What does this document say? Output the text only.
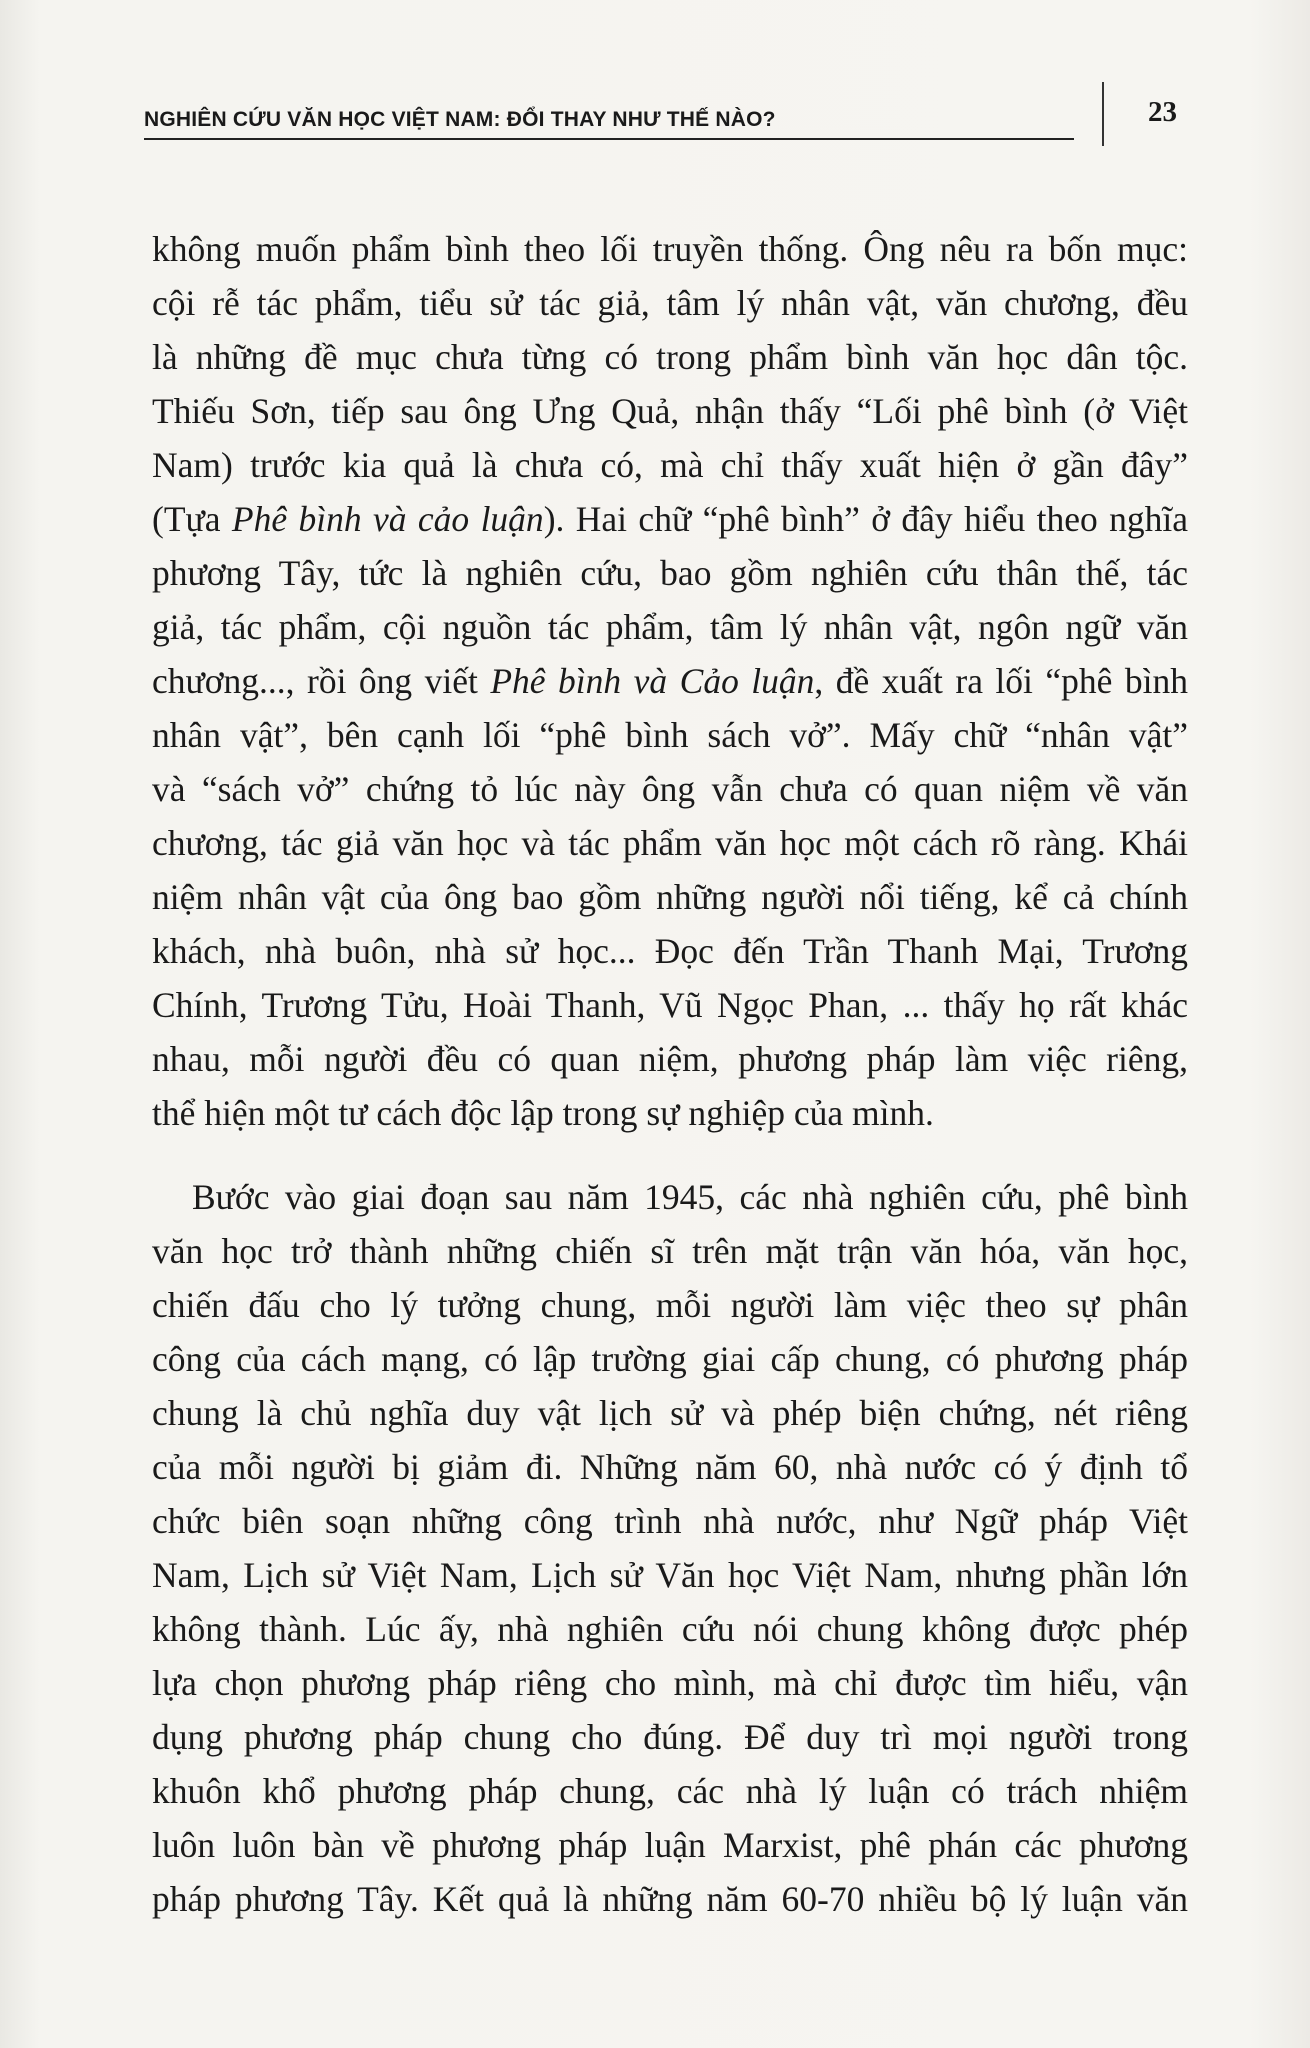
NGHIÊN CỨU VĂN HỌC VIỆT NAM: ĐỔI THAY NHƯ THẾ NÀO?	23
không muốn phẩm bình theo lối truyền thống. Ông nêu ra bốn mục:
cội rễ tác phẩm, tiểu sử tác giả, tâm lý nhân vật, văn chương, đều
là những đề mục chưa từng có trong phẩm bình văn học dân tộc.
Thiếu Sơn, tiếp sau ông Ưng Quả, nhận thấy “Lối phê bình (ở Việt
Nam) trước kia quả là chưa có, mà chỉ thấy xuất hiện ở gần đây”
(Tựa Phê bình và cảo luận). Hai chữ “phê bình” ở đây hiểu theo nghĩa
phương Tây, tức là nghiên cứu, bao gồm nghiên cứu thân thế, tác
giả, tác phẩm, cội nguồn tác phẩm, tâm lý nhân vật, ngôn ngữ văn
chương..., rồi ông viết Phê bình và Cảo luận, đề xuất ra lối “phê bình
nhân vật”, bên cạnh lối “phê bình sách vở”. Mấy chữ “nhân vật”
và “sách vở” chứng tỏ lúc này ông vẫn chưa có quan niệm về văn
chương, tác giả văn học và tác phẩm văn học một cách rõ ràng. Khái
niệm nhân vật của ông bao gồm những người nổi tiếng, kể cả chính
khách, nhà buôn, nhà sử học... Đọc đến Trần Thanh Mại, Trương
Chính, Trương Tửu, Hoài Thanh, Vũ Ngọc Phan, ... thấy họ rất khác
nhau, mỗi người đều có quan niệm, phương pháp làm việc riêng,
thể hiện một tư cách độc lập trong sự nghiệp của mình.
Bước vào giai đoạn sau năm 1945, các nhà nghiên cứu, phê bình
văn học trở thành những chiến sĩ trên mặt trận văn hóa, văn học,
chiến đấu cho lý tưởng chung, mỗi người làm việc theo sự phân
công của cách mạng, có lập trường giai cấp chung, có phương pháp
chung là chủ nghĩa duy vật lịch sử và phép biện chứng, nét riêng
của mỗi người bị giảm đi. Những năm 60, nhà nước có ý định tổ
chức biên soạn những công trình nhà nước, như Ngữ pháp Việt
Nam, Lịch sử Việt Nam, Lịch sử Văn học Việt Nam, nhưng phần lớn
không thành. Lúc ấy, nhà nghiên cứu nói chung không được phép
lựa chọn phương pháp riêng cho mình, mà chỉ được tìm hiểu, vận
dụng phương pháp chung cho đúng. Để duy trì mọi người trong
khuôn khổ phương pháp chung, các nhà lý luận có trách nhiệm
luôn luôn bàn về phương pháp luận Marxist, phê phán các phương
pháp phương Tây. Kết quả là những năm 60-70 nhiều bộ lý luận văn
